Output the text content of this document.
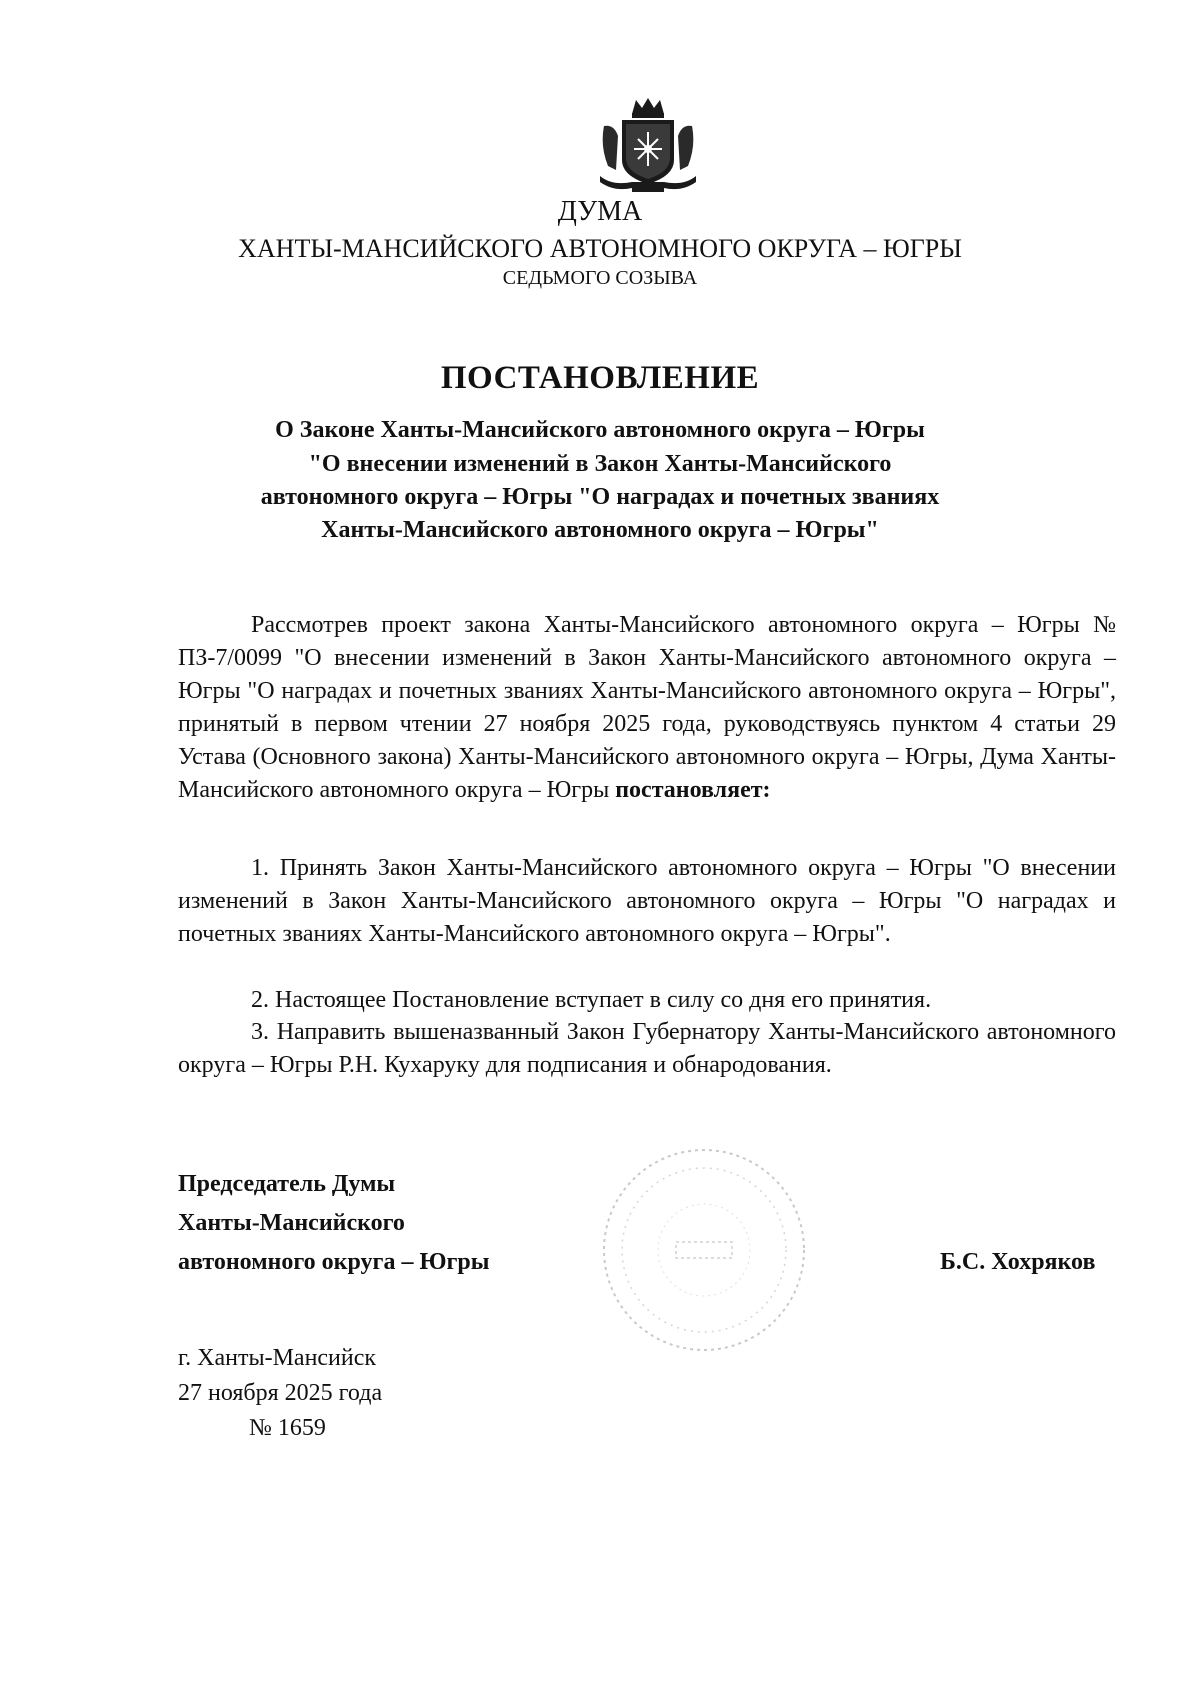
ДУМА
ХАНТЫ-МАНСИЙСКОГО АВТОНОМНОГО ОКРУГА – ЮГРЫ
СЕДЬМОГО СОЗЫВА
ПОСТАНОВЛЕНИЕ
О Законе Ханты-Мансийского автономного округа – Югры
"О внесении изменений в Закон Ханты-Мансийского
автономного округа – Югры "О наградах и почетных званиях
Ханты-Мансийского автономного округа – Югры"
Рассмотрев проект закона Ханты-Мансийского автономного округа – Югры № ПЗ-7/0099 "О внесении изменений в Закон Ханты-Мансийского автономного округа – Югры "О наградах и почетных званиях Ханты-Мансийского автономного округа – Югры", принятый в первом чтении 27 ноября 2025 года, руководствуясь пунктом 4 статьи 29 Устава (Основного закона) Ханты-Мансийского автономного округа – Югры, Дума Ханты-Мансийского автономного округа – Югры постановляет:
1. Принять Закон Ханты-Мансийского автономного округа – Югры "О внесении изменений в Закон Ханты-Мансийского автономного округа – Югры "О наградах и почетных званиях Ханты-Мансийского автономного округа – Югры".
2. Настоящее Постановление вступает в силу со дня его принятия.
3. Направить вышеназванный Закон Губернатору Ханты-Мансийского автономного округа – Югры Р.Н. Кухаруку для подписания и обнародования.
Председатель Думы
Ханты-Мансийского
автономного округа – Югры	Б.С. Хохряков
г. Ханты-Мансийск
27 ноября 2025 года
№ 1659
